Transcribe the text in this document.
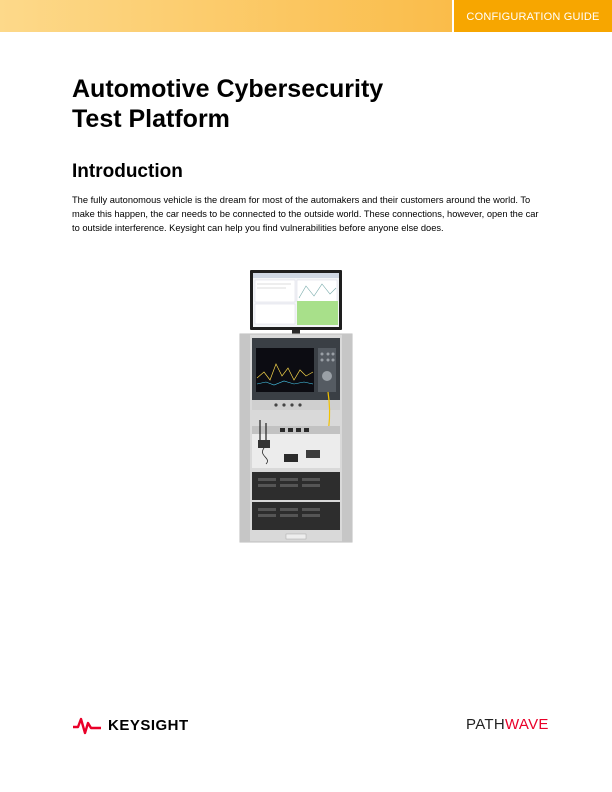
CONFIGURATION GUIDE
Automotive Cybersecurity
Test Platform
Introduction

The fully autonomous vehicle is the dream for most of the automakers and their customers around the world. To make this happen, the car needs to be connected to the outside world. These connections, however, open the car to outside interference. Keysight can help you find vulnerabilities before anyone else does.

KEYSIGHT	PATHWAVE
